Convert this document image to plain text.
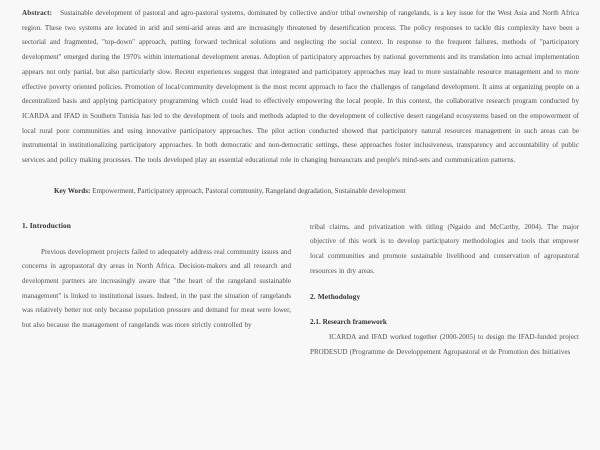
Abstract: Sustainable development of pastoral and agro-pastoral systems, dominated by collective and/or tribal ownership of rangelands, is a key issue for the West Asia and North Africa region. These two systems are located in arid and semi-arid areas and are increasingly threatened by desertification process. The policy responses to tackle this complexity have been a sectorial and fragmented, "top-down" approach, putting forward technical solutions and neglecting the social context. In response to the frequent failures, methods of "participatory development" emerged during the 1970's within international development arenas. Adoption of participatory approaches by national governments and its translation into actual implementation appears not only partial, but also particularly slow. Recent experiences suggest that integrated and participatory approaches may lead to more sustainable resource management and to more effective poverty oriented policies. Promotion of local/community development is the most recent approach to face the challenges of rangeland development. It aims at organizing people on a decentralized basis and applying participatory programming which could lead to effectively empowering the local people. In this context, the collaborative research program conducted by ICARDA and IFAD in Southern Tunisia has led to the development of tools and methods adapted to the development of collective desert rangeland ecosystems based on the empowerment of local rural poor communities and using innovative participatory approaches. The pilot action conducted showed that participatory natural resources management in such areas can be instrumental in institutionalizing participatory approaches. In both democratic and non-democratic settings, these approaches foster inclusiveness, transparency and accountability of public services and policy making processes. The tools developed play an essential educational role in changing bureaucrats and people's mind-sets and communication patterns.

Key Words: Empowerment, Participatory approach, Pastoral community, Rangeland degradation, Sustainable development

1. Introduction

Previous development projects failed to adequately address real community issues and concerns in agropastoral dry areas in North Africa. Decision-makers and all research and development partners are increasingly aware that "the heart of the rangeland sustainable management" is linked to institutional issues. Indeed, in the past the situation of rangelands was relatively better not only because population pressure and demand for meat were lower, but also because the management of rangelands was more strictly controlled by

tribal claims, and privatization with titling (Ngaido and McCarthy, 2004). The major objective of this work is to develop participatory methodologies and tools that empower local communities and promote sustainable livelihood and conservation of agropastoral resources in dry areas.

2. Methodology
2.1. Research framework

ICARDA and IFAD worked together (2000-2005) to design the IFAD-funded project PRODESUD (Programme de Developpement Agropastoral et de Promotion des Initiatives
